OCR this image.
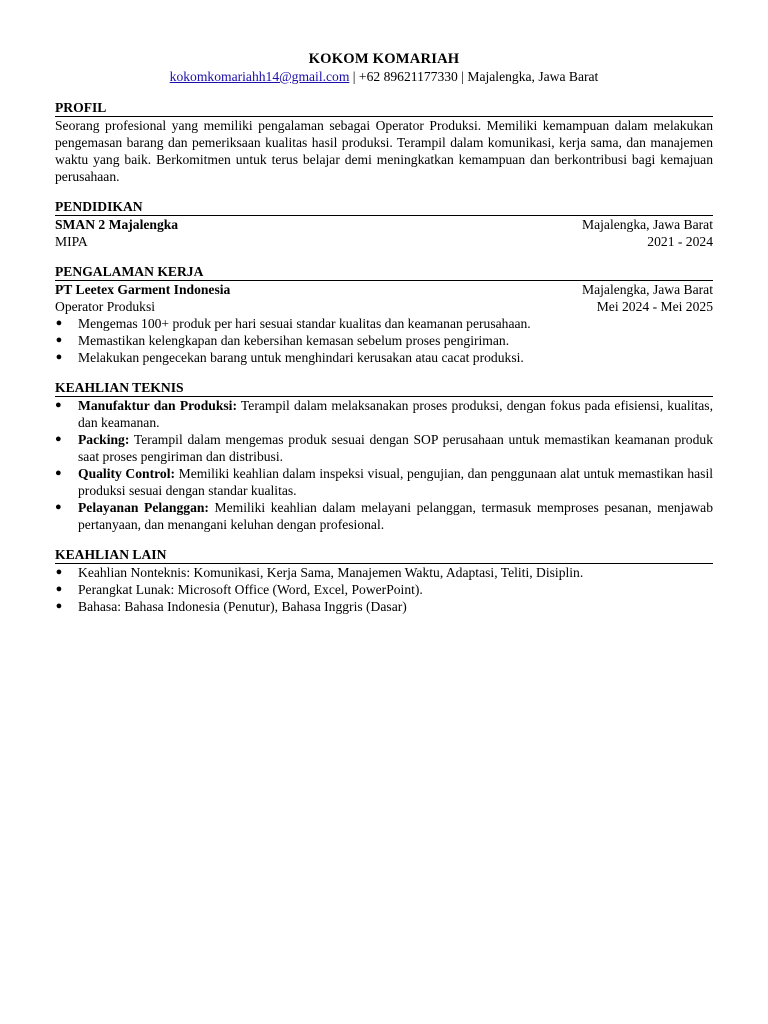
KOKOM KOMARIAH
kokomkomariahh14@gmail.com | +62 89621177330 | Majalengka, Jawa Barat
PROFIL
Seorang profesional yang memiliki pengalaman sebagai Operator Produksi. Memiliki kemampuan dalam melakukan pengemasan barang dan pemeriksaan kualitas hasil produksi. Terampil dalam komunikasi, kerja sama, dan manajemen waktu yang baik. Berkomitmen untuk terus belajar demi meningkatkan kemampuan dan berkontribusi bagi kemajuan perusahaan.
PENDIDIKAN
SMAN 2 Majalengka	Majalengka, Jawa Barat
MIPA	2021 - 2024
PENGALAMAN KERJA
PT Leetex Garment Indonesia	Majalengka, Jawa Barat
Operator Produksi	Mei 2024 - Mei 2025
● Mengemas 100+ produk per hari sesuai standar kualitas dan keamanan perusahaan.
● Memastikan kelengkapan dan kebersihan kemasan sebelum proses pengiriman.
● Melakukan pengecekan barang untuk menghindari kerusakan atau cacat produksi.
KEAHLIAN TEKNIS
● Manufaktur dan Produksi: Terampil dalam melaksanakan proses produksi, dengan fokus pada efisiensi, kualitas, dan keamanan.
● Packing: Terampil dalam mengemas produk sesuai dengan SOP perusahaan untuk memastikan keamanan produk saat proses pengiriman dan distribusi.
● Quality Control: Memiliki keahlian dalam inspeksi visual, pengujian, dan penggunaan alat untuk memastikan hasil produksi sesuai dengan standar kualitas.
● Pelayanan Pelanggan: Memiliki keahlian dalam melayani pelanggan, termasuk memproses pesanan, menjawab pertanyaan, dan menangani keluhan dengan profesional.
KEAHLIAN LAIN
● Keahlian Nonteknis: Komunikasi, Kerja Sama, Manajemen Waktu, Adaptasi, Teliti, Disiplin.
● Perangkat Lunak: Microsoft Office (Word, Excel, PowerPoint).
● Bahasa: Bahasa Indonesia (Penutur), Bahasa Inggris (Dasar)
